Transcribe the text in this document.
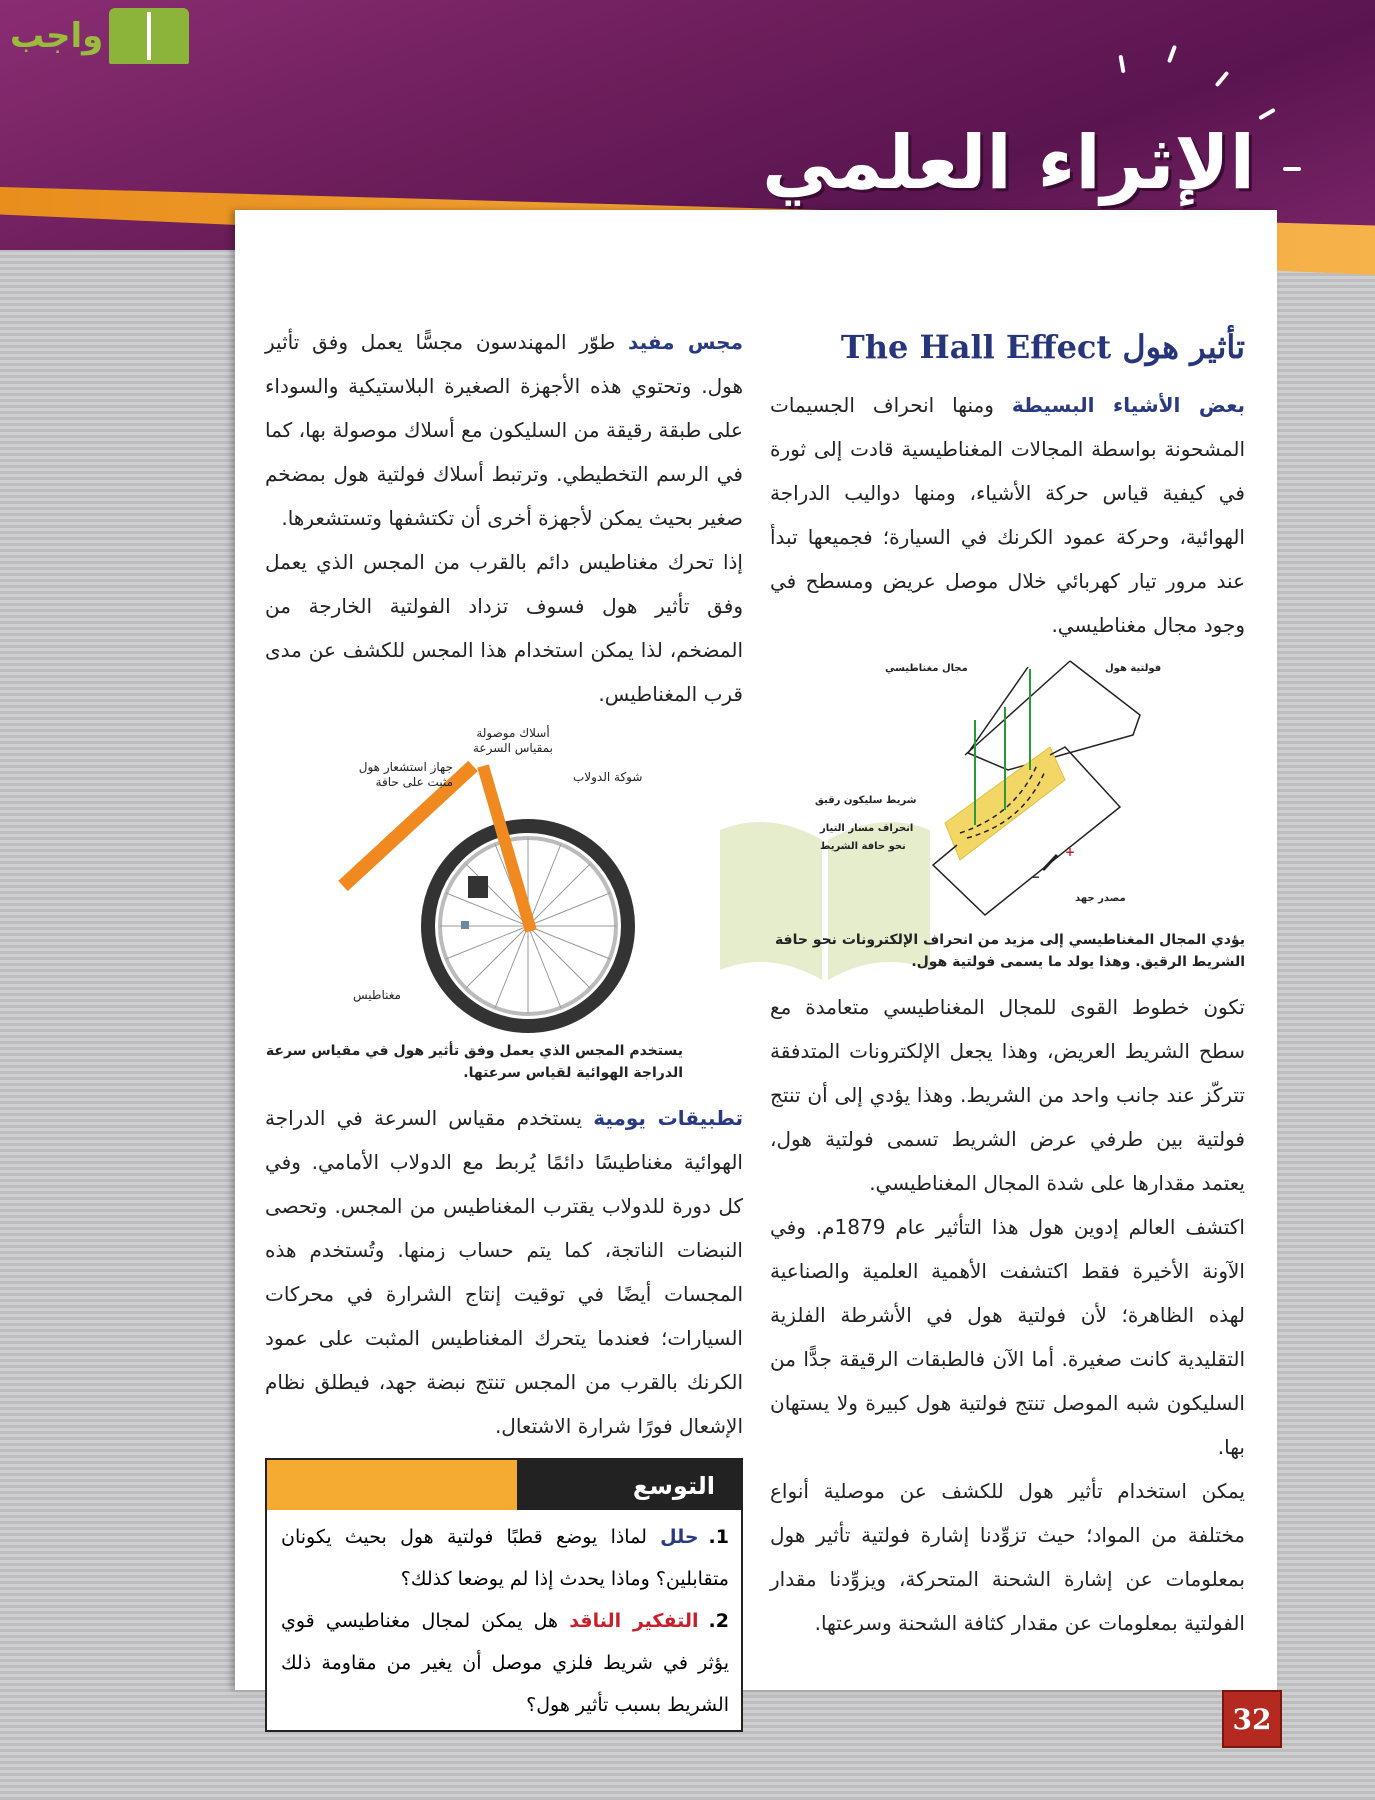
واجب
الإثراء العلمي
تأثير هول The Hall Effect
بعض الأشياء البسيطة ومنها انحراف الجسيمات المشحونة بواسطة المجالات المغناطيسية قادت إلى ثورة في كيفية قياس حركة الأشياء، ومنها دواليب الدراجة الهوائية، وحركة عمود الكرنك في السيارة؛ فجميعها تبدأ عند مرور تيار كهربائي خلال موصل عريض ومسطح في وجود مجال مغناطيسي.
+
−
مجال مغناطيسي	فولتية هول
شريط سليكون رقيق
انحراف مسار التيار
نحو حافة الشريط
مصدر جهد
يؤدي المجال المغناطيسي إلى مزيد من انحراف الإلكترونات نحو حافة الشريط الرقيق. وهذا يولد ما يسمى فولتية هول.
تكون خطوط القوى للمجال المغناطيسي متعامدة مع سطح الشريط العريض، وهذا يجعل الإلكترونات المتدفقة تتركّز عند جانب واحد من الشريط. وهذا يؤدي إلى أن تنتج فولتية بين طرفي عرض الشريط تسمى فولتية هول، يعتمد مقدارها على شدة المجال المغناطيسي.
اكتشف العالم إدوين هول هذا التأثير عام 1879م. وفي الآونة الأخيرة فقط اكتشفت الأهمية العلمية والصناعية لهذه الظاهرة؛ لأن فولتية هول في الأشرطة الفلزية التقليدية كانت صغيرة. أما الآن فالطبقات الرقيقة جدًّا من السليكون شبه الموصل تنتج فولتية هول كبيرة ولا يستهان بها.
يمكن استخدام تأثير هول للكشف عن موصلية أنواع مختلفة من المواد؛ حيث تزوِّدنا إشارة فولتية تأثير هول بمعلومات عن إشارة الشحنة المتحركة، ويزوِّدنا مقدار الفولتية بمعلومات عن مقدار كثافة الشحنة وسرعتها.
مجس مفيد طوّر المهندسون مجسًّا يعمل وفق تأثير هول. وتحتوي هذه الأجهزة الصغيرة البلاستيكية والسوداء على طبقة رقيقة من السليكون مع أسلاك موصولة بها، كما في الرسم التخطيطي. وترتبط أسلاك فولتية هول بمضخم صغير بحيث يمكن لأجهزة أخرى أن تكتشفها وتستشعرها.
إذا تحرك مغناطيس دائم بالقرب من المجس الذي يعمل وفق تأثير هول فسوف تزداد الفولتية الخارجة من المضخم، لذا يمكن استخدام هذا المجس للكشف عن مدى قرب المغناطيس.
أسلاك موصولة بمقياس السرعة
جهاز استشعار هول مثبت على حافة	شوكة الدولاب
مغناطيس
يستخدم المجس الذي يعمل وفق تأثير هول في مقياس سرعة الدراجة الهوائية لقياس سرعتها.
تطبيقات يومية يستخدم مقياس السرعة في الدراجة الهوائية مغناطيسًا دائمًا يُربط مع الدولاب الأمامي. وفي كل دورة للدولاب يقترب المغناطيس من المجس. وتحصى النبضات الناتجة، كما يتم حساب زمنها. وتُستخدم هذه المجسات أيضًا في توقيت إنتاج الشرارة في محركات السيارات؛ فعندما يتحرك المغناطيس المثبت على عمود الكرنك بالقرب من المجس تنتج نبضة جهد، فيطلق نظام الإشعال فورًا شرارة الاشتعال.
التوسع
1.حلل لماذا يوضع قطبًا فولتية هول بحيث يكونان متقابلين؟ وماذا يحدث إذا لم يوضعا كذلك؟
2.التفكير الناقد هل يمكن لمجال مغناطيسي قوي يؤثر في شريط فلزي موصل أن يغير من مقاومة ذلك الشريط بسبب تأثير هول؟	32
